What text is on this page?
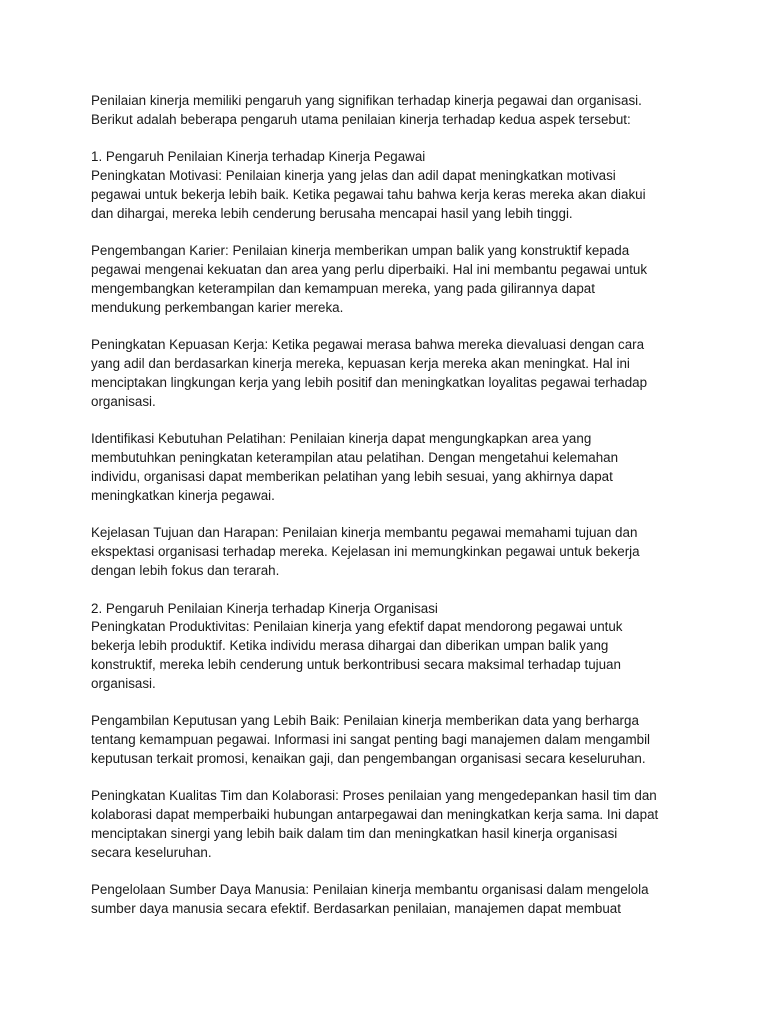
Penilaian kinerja memiliki pengaruh yang signifikan terhadap kinerja pegawai dan organisasi.
Berikut adalah beberapa pengaruh utama penilaian kinerja terhadap kedua aspek tersebut:
1. Pengaruh Penilaian Kinerja terhadap Kinerja Pegawai
Peningkatan Motivasi: Penilaian kinerja yang jelas dan adil dapat meningkatkan motivasi
pegawai untuk bekerja lebih baik. Ketika pegawai tahu bahwa kerja keras mereka akan diakui
dan dihargai, mereka lebih cenderung berusaha mencapai hasil yang lebih tinggi.
Pengembangan Karier: Penilaian kinerja memberikan umpan balik yang konstruktif kepada
pegawai mengenai kekuatan dan area yang perlu diperbaiki. Hal ini membantu pegawai untuk
mengembangkan keterampilan dan kemampuan mereka, yang pada gilirannya dapat
mendukung perkembangan karier mereka.
Peningkatan Kepuasan Kerja: Ketika pegawai merasa bahwa mereka dievaluasi dengan cara
yang adil dan berdasarkan kinerja mereka, kepuasan kerja mereka akan meningkat. Hal ini
menciptakan lingkungan kerja yang lebih positif dan meningkatkan loyalitas pegawai terhadap
organisasi.
Identifikasi Kebutuhan Pelatihan: Penilaian kinerja dapat mengungkapkan area yang
membutuhkan peningkatan keterampilan atau pelatihan. Dengan mengetahui kelemahan
individu, organisasi dapat memberikan pelatihan yang lebih sesuai, yang akhirnya dapat
meningkatkan kinerja pegawai.
Kejelasan Tujuan dan Harapan: Penilaian kinerja membantu pegawai memahami tujuan dan
ekspektasi organisasi terhadap mereka. Kejelasan ini memungkinkan pegawai untuk bekerja
dengan lebih fokus dan terarah.
2. Pengaruh Penilaian Kinerja terhadap Kinerja Organisasi
Peningkatan Produktivitas: Penilaian kinerja yang efektif dapat mendorong pegawai untuk
bekerja lebih produktif. Ketika individu merasa dihargai dan diberikan umpan balik yang
konstruktif, mereka lebih cenderung untuk berkontribusi secara maksimal terhadap tujuan
organisasi.
Pengambilan Keputusan yang Lebih Baik: Penilaian kinerja memberikan data yang berharga
tentang kemampuan pegawai. Informasi ini sangat penting bagi manajemen dalam mengambil
keputusan terkait promosi, kenaikan gaji, dan pengembangan organisasi secara keseluruhan.
Peningkatan Kualitas Tim dan Kolaborasi: Proses penilaian yang mengedepankan hasil tim dan
kolaborasi dapat memperbaiki hubungan antarpegawai dan meningkatkan kerja sama. Ini dapat
menciptakan sinergi yang lebih baik dalam tim dan meningkatkan hasil kinerja organisasi
secara keseluruhan.
Pengelolaan Sumber Daya Manusia: Penilaian kinerja membantu organisasi dalam mengelola
sumber daya manusia secara efektif. Berdasarkan penilaian, manajemen dapat membuat
